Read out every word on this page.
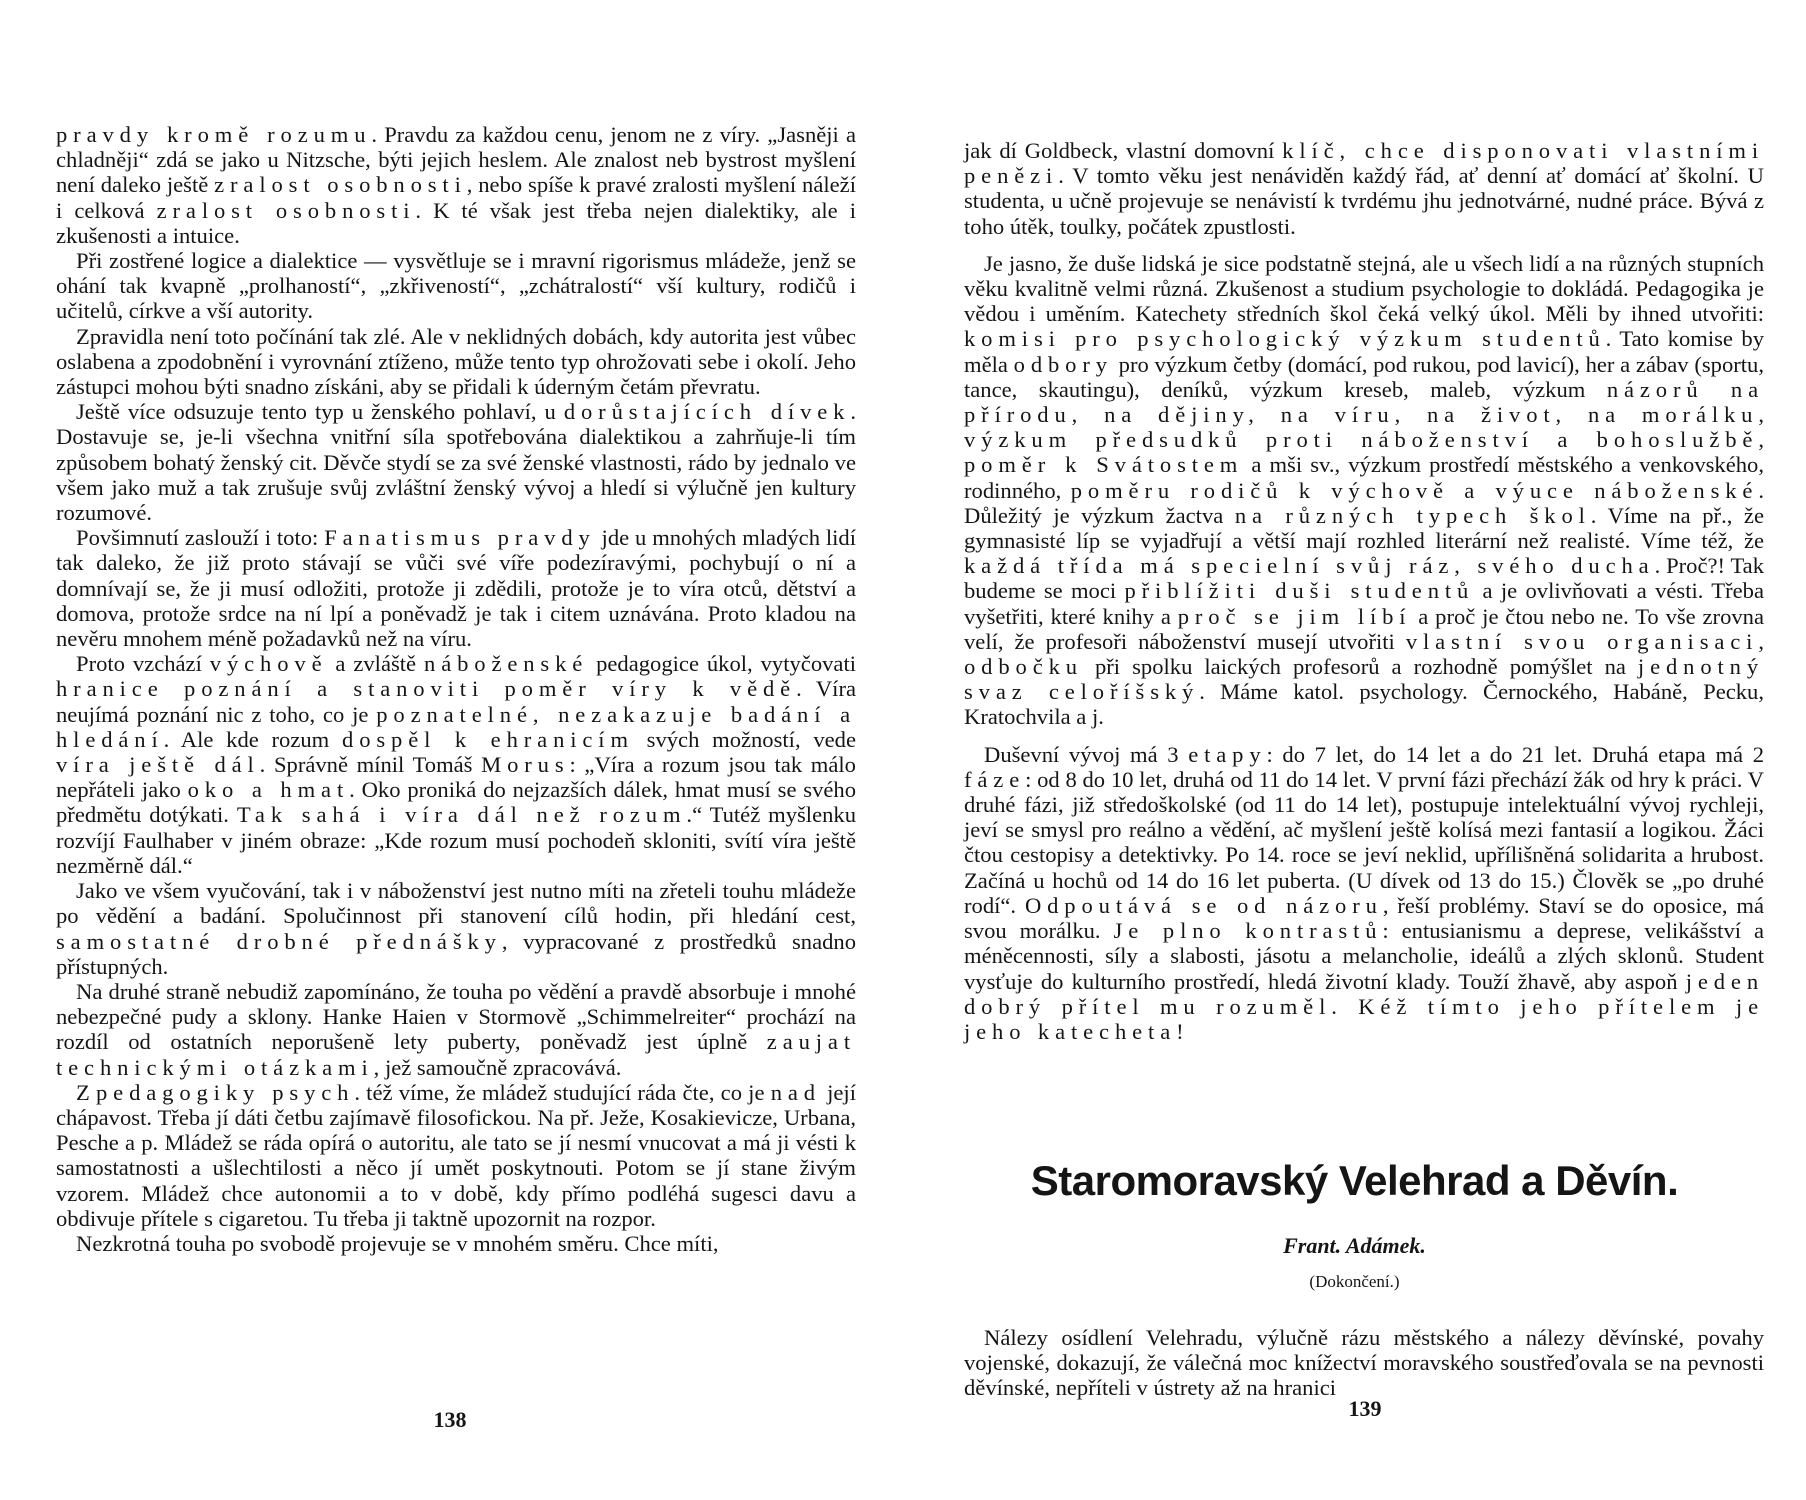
pravdy kromě rozumu. Pravdu za každou cenu, jenom ne z víry. „Jasněji a chladněji“ zdá se jako u Nitzsche, býti jejich heslem. Ale znalost neb bystrost myšlení není daleko ještě zralost osobnosti, nebo spíše k pravé zralosti myšlení náleží i celková zralost osobnosti. K té však jest třeba nejen dialektiky, ale i zkušenosti a intuice.

Při zostřené logice a dialektice — vysvětluje se i mravní rigorismus mládeže, jenž se ohání tak kvapně „prolhaností“, „zkřiveností“, „zchátralostí“ vší kultury, rodičů i učitelů, církve a vší autority.

Zpravidla není toto počínání tak zlé. Ale v neklidných dobách, kdy autorita jest vůbec oslabena a zpodobnění i vyrovnání ztíženo, může tento typ ohrožovati sebe i okolí. Jeho zástupci mohou býti snadno získáni, aby se přidali k úderným četám převratu.

Ještě více odsuzuje tento typ u ženského pohlaví, u dorůstajících dívek. Dostavuje se, je-li všechna vnitřní síla spotřebována dialektikou a zahrňuje-li tím způsobem bohatý ženský cit. Děvče stydí se za své ženské vlastnosti, rádo by jednalo ve všem jako muž a tak zrušuje svůj zvláštní ženský vývoj a hledí si výlučně jen kultury rozumové.

Povšimnutí zaslouží i toto: Fanatismus pravdy jde u mnohých mladých lidí tak daleko, že již proto stávají se vůči své víře podezíravými, pochybují o ní a domnívají se, že ji musí odložiti, protože ji zdědili, protože je to víra otců, dětství a domova, protože srdce na ní lpí a poněvadž je tak i citem uznávána. Proto kladou na nevěru mnohem méně požadavků než na víru.

Proto vzchází výchově a zvláště náboženské pedagogice úkol, vytyčovati hranice poznání a stanoviti poměr víry k vědě. Víra neujímá poznání nic z toho, co je poznatelné, nezakazuje badání a hledání. Ale kde rozum dospěl k ehranicím svých možností, vede víra ještě dál. Správně mínil Tomáš Morus: „Víra a rozum jsou tak málo nepřáteli jako oko a hmat. Oko proniká do nejzazších dálek, hmat musí se svého předmětu dotýkati. Tak sahá i víra dál než rozum.“ Tutéž myšlenku rozvíjí Faulhaber v jiném obraze: „Kde rozum musí pochodeň skloniti, svítí víra ještě nezměrně dál.“

Jako ve všem vyučování, tak i v náboženství jest nutno míti na zřeteli touhu mládeže po vědění a badání. Spolučinnost při stanovení cílů hodin, při hledání cest, samostatné drobné přednášky, vypracované z prostředků snadno přístupných.

Na druhé straně nebudiž zapomínáno, že touha po vědění a pravdě absorbuje i mnohé nebezpečné pudy a sklony. Hanke Haien v Stormově „Schimmelreiter“ prochází na rozdíl od ostatních neporušeně lety puberty, poněvadž jest úplně zaujat technickými otázkami, jež samoučně zpracovává.

Z pedagogiky psych. též víme, že mládež studující ráda čte, co je nad její chápavost. Třeba jí dáti četbu zajímavě filosofickou. Na př. Ježe, Kosakievicze, Urbana, Pesche a p. Mládež se ráda opírá o autoritu, ale tato se jí nesmí vnucovat a má ji vésti k samostatnosti a ušlechtilosti a něco jí umět poskytnouti. Potom se jí stane živým vzorem. Mládež chce autonomii a to v době, kdy přímo podléhá sugesci davu a obdivuje přítele s cigaretou. Tu třeba ji taktně upozornit na rozpor.

Nezkrotná touha po svobodě projevuje se v mnohém směru. Chce míti,

138

jak dí Goldbeck, vlastní domovní klíč, chce disponovati vlastními penězi. V tomto věku jest nenáviděn každý řád, ať denní ať domácí ať školní. U studenta, u učně projevuje se nenávistí k tvrdému jhu jednotvárné, nudné práce. Bývá z toho útěk, toulky, počátek zpustlosti.

Je jasno, že duše lidská je sice podstatně stejná, ale u všech lidí a na různých stupních věku kvalitně velmi různá. Zkušenost a studium psychologie to dokládá. Pedagogika je vědou i uměním. Katechety středních škol čeká velký úkol. Měli by ihned utvořiti: komisi pro psychologický výzkum studentů. Tato komise by měla odbory pro výzkum četby (domácí, pod rukou, pod lavicí), her a zábav (sportu, tance, skautingu), deníků, výzkum kreseb, maleb, výzkum názorů na přírodu, na dějiny, na víru, na život, na morálku, výzkum předsudků proti náboženství a bohoslužbě, poměr k Svátostem a mši sv., výzkum prostředí městského a venkovského, rodinného, poměru rodičů k výchově a výuce náboženské. Důležitý je výzkum žactva na různých typech škol. Víme na př., že gymnasisté líp se vyjadřují a větší mají rozhled literární než realisté. Víme též, že každá třída má specielní svůj ráz, svého ducha. Proč?! Tak budeme se moci přiblížiti duši studentů a je ovlivňovati a vésti. Třeba vyšetřiti, které knihy a proč se jim líbí a proč je čtou nebo ne. To vše zrovna velí, že profesoři náboženství musejí utvořiti vlastní svou organisaci, odbočku při spolku laických profesorů a rozhodně pomýšlet na jednotný svaz celoříšský. Máme katol. psychology. Černockého, Habáně, Pecku, Kratochvila a j.

Duševní vývoj má 3 etapy: do 7 let, do 14 let a do 21 let. Druhá etapa má 2 fáze: od 8 do 10 let, druhá od 11 do 14 let. V první fázi přechází žák od hry k práci. V druhé fázi, již středoškolské (od 11 do 14 let), postupuje intelektuální vývoj rychleji, jeví se smysl pro reálno a vědění, ač myšlení ještě kolísá mezi fantasií a logikou. Žáci čtou cestopisy a detektivky. Po 14. roce se jeví neklid, upřílišněná solidarita a hrubost. Začíná u hochů od 14 do 16 let puberta. (U dívek od 13 do 15.) Člověk se „po druhé rodí“. Odpoutává se od názoru, řeší problémy. Staví se do oposice, má svou morálku. Je plno kontrastů: entusianismu a deprese, velikášství a méněcennosti, síly a slabosti, jásotu a melancholie, ideálů a zlých sklonů. Student vysťuje do kulturního prostředí, hledá životní klady. Touží žhavě, aby aspoň jeden dobrý přítel mu rozuměl. Kéž tímto jeho přítelem je jeho katecheta!

Staromoravský Velehrad a Děvín.
Frant. Adámek.
(Dokončení.)

Nálezy osídlení Velehradu, výlučně rázu městského a nálezy děvínské, povahy vojenské, dokazují, že válečná moc knížectví moravského soustřeďovala se na pevnosti děvínské, nepříteli v ústrety až na hranici

139
